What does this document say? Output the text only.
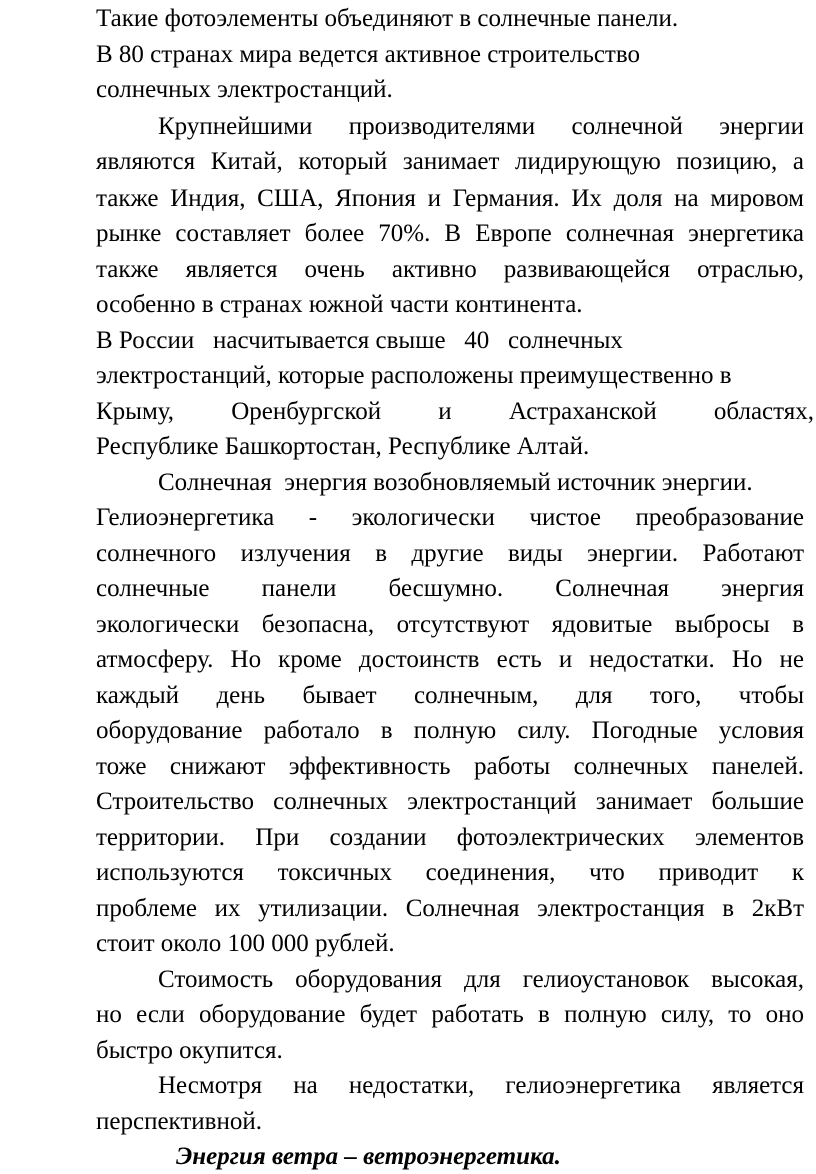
Такие фотоэлементы объединяют в солнечные панели.
В 80 странах мира ведется активное строительство
солнечных электростанций.
Крупнейшими производителями солнечной энергии
являются Китай, который занимает лидирующую позицию, а
также Индия, США, Япония и Германия. Их доля на мировом
рынке составляет более 70%. В Европе солнечная энергетика
также является очень активно развивающейся отраслью,
особенно в странах южной части континента.
В России   насчитывается свыше   40   солнечных
электростанций, которые расположены преимущественно в
Крыму, Оренбургской и Астраханской областях,
Республике Башкортостан, Республике Алтай.
Солнечная  энергия возобновляемый источник энергии.
Гелиоэнергетика - экологически чистое преобразование
солнечного излучения в другие виды энергии. Работают
солнечные панели бесшумно. Солнечная энергия
экологически безопасна, отсутствуют ядовитые выбросы в
атмосферу. Но кроме достоинств есть и недостатки. Но не
каждый день бывает солнечным, для того, чтобы
оборудование работало в полную силу. Погодные условия
тоже снижают эффективность работы солнечных панелей.
Строительство солнечных электростанций занимает большие
территории. При создании фотоэлектрических элементов
используются токсичных соединения, что приводит к
проблеме их утилизации. Солнечная электростанция в 2кВт
стоит около 100 000 рублей.
Стоимость оборудования для гелиоустановок высокая,
но если оборудование будет работать в полную силу, то оно
быстро окупится.
Несмотря на недостатки, гелиоэнергетика является
перспективной.
Энергия ветра – ветроэнергетика.
